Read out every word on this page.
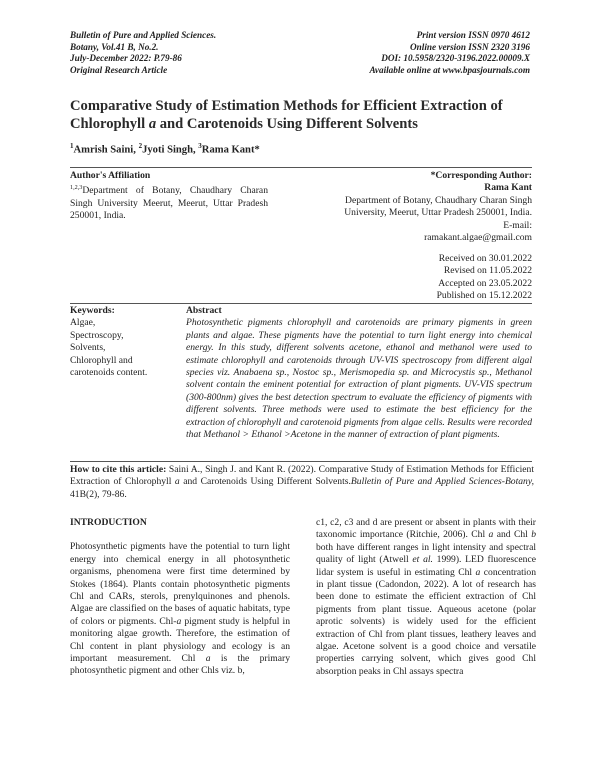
Bulletin of Pure and Applied Sciences.
Botany, Vol.41 B, No.2.
July-December 2022: P.79-86
Original Research Article
Print version ISSN 0970 4612
Online version ISSN 2320 3196
DOI: 10.5958/2320-3196.2022.00009.X
Available online at www.bpasjournals.com
Comparative Study of Estimation Methods for Efficient Extraction of Chlorophyll a and Carotenoids Using Different Solvents
$^1$Amrish Saini, $^2$Jyoti Singh, $^3$Rama Kant*
Author's Affiliation
$^{1,2,3}$Department of Botany, Chaudhary Charan Singh University Meerut, Meerut, Uttar Pradesh 250001, India.
*Corresponding Author:
Rama Kant
Department of Botany, Chaudhary Charan Singh
University, Meerut, Uttar Pradesh 250001, India.
E-mail:
ramakant.algae@gmail.com
Received on 30.01.2022
Revised on 11.05.2022
Accepted on 23.05.2022
Published on 15.12.2022
Keywords:
Algae,
Spectroscopy,
Solvents,
Chlorophyll and
carotenoids content.
Abstract
Photosynthetic pigments chlorophyll and carotenoids are primary pigments in green plants and algae. These pigments have the potential to turn light energy into chemical energy. In this study, different solvents acetone, ethanol and methanol were used to estimate chlorophyll and carotenoids through UV-VIS spectroscopy from different algal species viz. Anabaena sp., Nostoc sp., Merismopedia sp. and Microcystis sp., Methanol solvent contain the eminent potential for extraction of plant pigments. UV-VIS spectrum (300-800nm) gives the best detection spectrum to evaluate the efficiency of pigments with different solvents. Three methods were used to estimate the best efficiency for the extraction of chlorophyll and carotenoid pigments from algae cells. Results were recorded that Methanol > Ethanol >Acetone in the manner of extraction of plant pigments.
How to cite this article: Saini A., Singh J. and Kant R. (2022). Comparative Study of Estimation Methods for Efficient Extraction of Chlorophyll a and Carotenoids Using Different Solvents.Bulletin of Pure and Applied Sciences-Botany, 41B(2), 79-86.
INTRODUCTION

Photosynthetic pigments have the potential to turn light energy into chemical energy in all photosynthetic organisms, phenomena were first time determined by Stokes (1864). Plants contain photosynthetic pigments Chl and CARs, sterols, prenylquinones and phenols. Algae are classified on the bases of aquatic habitats, type of colors or pigments. Chl-a pigment study is helpful in monitoring algae growth. Therefore, the estimation of Chl content in plant physiology and ecology is an important measurement. Chl a is the primary photosynthetic pigment and other Chls viz. b,

c1, c2, c3 and d are present or absent in plants with their taxonomic importance (Ritchie, 2006). Chl a and Chl b both have different ranges in light intensity and spectral quality of light (Atwell et al. 1999). LED fluorescence lidar system is useful in estimating Chl a concentration in plant tissue (Cadondon, 2022). A lot of research has been done to estimate the efficient extraction of Chl pigments from plant tissue. Aqueous acetone (polar aprotic solvents) is widely used for the efficient extraction of Chl from plant tissues, leathery leaves and algae. Acetone solvent is a good choice and versatile properties carrying solvent, which gives good Chl absorption peaks in Chl assays spectra
